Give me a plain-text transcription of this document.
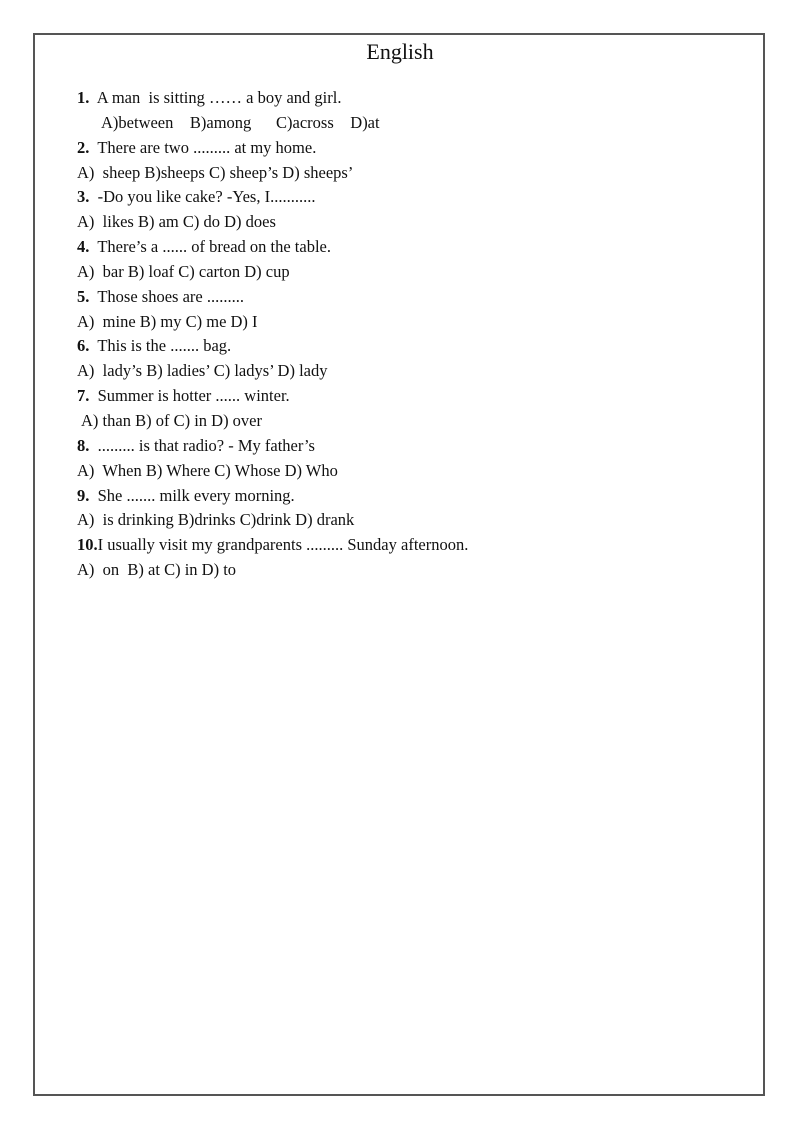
English
1.  A man  is sitting …… a boy and girl.
A)between    B)among      C)across    D)at
2.  There are two ......... at my home.
A)  sheep B)sheeps C) sheep’s D) sheeps’
3.  -Do you like cake? -Yes, I...........
A)  likes B) am C) do D) does
4.  There’s a ...... of bread on the table.
A)  bar B) loaf C) carton D) cup
5.  Those shoes are .........
A)  mine B) my C) me D) I
6.  This is the ....... bag.
A)  lady’s B) ladies’ C) ladys’ D) lady
7.  Summer is hotter ...... winter.
A) than B) of C) in D) over
8.  ......... is that radio? - My father’s
A)  When B) Where C) Whose D) Who
9.  She ....... milk every morning.
A)  is drinking B)drinks C)drink D) drank
10.I usually visit my grandparents ......... Sunday afternoon.
A)  on  B) at C) in D) to
